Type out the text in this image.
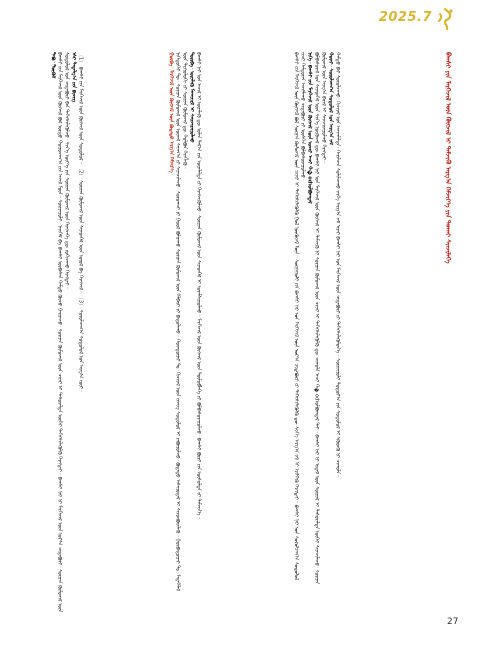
2025.7
ᠪᠠᠭᠰᠢ ᠶᠢᠨ ᠮᠡᠷᠭᠡᠵᠢᠯ ᠦᠨ ᠬᠥᠭᠵᠢᠯ ᠢ ᠳᠡᠮᠵᠢᠬᠦ ᠠᠷᠭ᠎ᠠ ᠬᠡᠮᠵᠢᠶ᠎ᠡ ᠶᠢᠨ ᠲᠤᠬᠠᠢ ᠰᠢᠨᠵᠢᠯᠡᠭᠡ

ᠪᠠᠭᠰᠢ ᠶᠢᠨ ᠮᠡᠷᠭᠡᠵᠢᠯ ᠦᠨ ᠬᠥᠭᠵᠢᠯ ᠪᠣᠯ ᠰᠤᠷᠭᠠᠨ ᠬᠦᠮᠦᠵᠢᠯ ᠦᠨ ᠴᠢᠨᠠᠷ ᠢ ᠳᠡᠭᠡᠭᠰᠢᠯᠡᠭᠦᠯᠬᠦ ᠭᠣᠯ ᠨᠥᠬᠥᠴᠡᠯ ᠮᠥᠨ᠃ ᠰᠤᠷᠭᠠᠭᠤᠯᠢ ᠶᠢᠨ ᠪᠠᠭᠰᠢ ᠨᠠᠷ ᠤᠨ ᠮᠡᠷᠭᠡᠵᠢᠯ ᠦᠨ ᠤᠷ᠎ᠠ ᠴᠢᠳᠠᠪᠤᠷᠢ ᠶᠢ ᠳᠡᠭᠡᠭᠰᠢᠯᠡᠭᠦᠯᠬᠦ ᠳᠦ ᠰᠢᠨ᠎ᠡ ᠠᠷᠭ᠎ᠠ ᠵᠠᠮ ᠢ ᠡᠷᠢᠯᠬᠡᠬᠦ ᠬᠡᠷᠡᠭᠲᠡᠢ᠃ ᠪᠠᠭᠰᠢ ᠨᠠᠷ ᠤᠨ ᠰᠤᠷᠤᠯᠴᠠᠭ᠎ᠠ ᠰᠤᠳᠤᠯᠤᠯ ᠵᠢᠴᠢ ᠬᠠᠮᠲᠤᠷᠠᠨ ᠠᠵᠢᠯᠯᠠᠬᠤ ᠴᠢᠳᠠᠪᠤᠷᠢ ᠶᠢ ᠥᠰᠬᠡᠨ ᠪᠣᠯᠪᠠᠰᠤᠷᠠᠭᠤᠯᠬᠤ᠃
ᠨᠢᠭᠡ᠂ ᠪᠠᠭᠰᠢ ᠶᠢᠨ ᠮᠡᠷᠭᠡᠵᠢᠯ ᠦᠨ ᠬᠥᠭᠵᠢᠯ ᠦᠨ ᠤᠴᠢᠷ ᠠᠴᠢ ᠬ�odᠣᠯᠪᠣᠭᠳᠠᠯ
ᠪᠣᠯᠪᠠᠰᠤᠷᠠᠯ ᠤᠨ ᠰᠢᠨᠡᠳᠭᠡᠯ ᠦᠨ ᠰᠢᠨ᠎ᠡ ᠨᠥᠬᠥᠴᠡᠯ ᠳᠦ ᠪᠠᠭᠰᠢ ᠨᠠᠷ ᠤᠨ ᠮᠡᠷᠭᠡᠵᠢᠯ ᠦᠨ ᠬᠥᠭᠵᠢᠯ ᠢ ᠳᠡᠮᠵᠢᠬᠦ ᠨᠢ ᠰᠤᠷᠭᠠᠨ ᠬᠦᠮᠦᠵᠢᠯ ᠦᠨ ᠴᠢᠨᠠᠷ ᠢ ᠳᠡᠭᠡᠭᠰᠢᠯᠡᠭᠦᠯᠬᠦ ᠳᠦ ᠴᠢᠬᠤᠯᠠ ᠠᠴᠢ ᠬ�odᠣᠯᠪᠣᠭᠳᠠᠯ ᠲᠠᠢ᠃ ᠪᠠᠭᠰᠢ ᠨᠠᠷ ᠨᠢ ᠡᠷᠳᠡᠮ ᠦᠨ ᠰᠤᠷᠭᠠᠯ ᠢ ᠲᠠᠰᠤᠷᠠᠯᠲᠠ ᠦᠭᠡᠢ ᠰᠢᠨᠡᠴᠢᠯᠡᠵᠦ᠂ ᠰᠤᠷᠭᠠᠨ ᠬᠦᠮᠦᠵᠢᠯ ᠦᠨ ᠠᠷᠭ᠎ᠠ ᠪᠠᠷᠢᠯ ᠢ ᠰᠠᠢᠵᠢᠷᠠᠭᠤᠯᠬᠤ ᠬᠡᠷᠡᠭᠲᠡᠢ᠃
ᠬᠣᠶᠠᠷ᠂ ᠰᠤᠷᠤᠯᠴᠠᠭ᠎ᠠ ᠰᠤᠳᠤᠯᠤᠯ ᠤᠨ ᠠᠷᠭ᠎ᠠ ᠵᠠᠮ
ᠬᠠᠮᠲᠤ ᠪᠡᠷ ᠰᠤᠷᠤᠯᠴᠠᠬᠤ᠂ ᠬᠢᠴᠢᠶᠡᠯ ᠤᠨ ᠠᠵᠢᠭᠯᠠᠯᠲᠠ᠂ ᠬᠠᠷᠢᠯᠴᠠᠨ ᠰᠤᠯᠢᠯᠴᠠᠬᠤ ᠵᠡᠷᠭᠡ ᠠᠷᠭ᠎ᠠ ᠵᠠᠮ ᠢᠶᠠᠷ ᠪᠠᠭᠰᠢ ᠨᠠᠷ ᠤᠨ ᠮᠡᠷᠭᠡᠵᠢᠯ ᠦᠨ ᠴᠢᠳᠠᠪᠤᠷᠢ ᠶᠢ ᠳᠡᠭᠡᠭᠰᠢᠯᠡᠭᠦᠯᠦᠨ᠎ᠡ᠃ ᠰᠤᠷᠭᠠᠭᠤᠯᠢ ᠳᠤᠲᠤᠷ᠎ᠠ ᠶᠢᠨ ᠰᠤᠳᠤᠯᠤᠯ ᠢ ᠡᠭᠦᠳᠬᠦ ᠨᠢ ᠴᠢᠬᠤᠯᠠ᠃

ᠭᠤᠷᠪᠠ᠂ ᠮᠡᠷᠭᠡᠵᠢᠯ ᠦᠨ ᠬᠥᠭᠵᠢᠯ ᠦᠨ ᠪᠣᠳᠠᠲᠤ ᠠᠷᠭ᠎ᠠ ᠬᠡᠮᠵᠢᠶ᠎ᠡ
ᠨᠢᠭᠡᠳᠦᠭᠡᠷ ᠲᠦ᠂ ᠰᠤᠷᠭᠠᠨ ᠬᠦᠮᠦᠵᠢᠯ ᠦᠨ ᠦᠵᠡᠯ ᠰᠠᠨᠠᠭ᠎ᠠ ᠶᠢ ᠰᠢᠨᠡᠴᠢᠯᠡᠵᠦ᠂ ᠰᠤᠷᠤᠭᠴᠢ ᠶᠢ ᠭᠣᠣᠯ ᠪᠣᠯᠭᠠᠬᠤ ᠰᠤᠷᠭᠠᠨ ᠬᠦᠮᠦᠵᠢᠯ ᠦᠨ ᠬᠡᠯᠪᠡᠷᠢ ᠶᠢ ᠪᠠᠲᠤᠯᠠᠬᠤ᠃ ᠬᠣᠶᠠᠳᠤᠭᠠᠷ ᠲᠤ᠂ ᠬᠢᠴᠢᠶᠡᠯ ᠦᠨ ᠵᠢᠵᠢᠭ ᠰᠤᠳᠤᠯᠤᠯ ᠢ ᠶᠠᠪᠤᠭᠤᠯᠵᠤ᠂ ᠪᠣᠳᠠᠲᠤ ᠠᠰᠠᠭᠤᠳᠠᠯ ᠢ ᠰᠢᠢᠳᠪᠦᠷᠢᠯᠡᠬᠦ᠃ ᠭᠤᠷᠪᠠᠳᠤᠭᠠᠷ ᠲᠤ᠂ ᠮᠡᠳᠡᠭᠡᠯᠡᠯ ᠦᠨ ᠲᠸᠬᠨᠣᠯᠣᠭᠢ ᠶᠢ ᠰᠤᠷᠭᠠᠨ ᠬᠦᠮᠦᠵᠢᠯ ᠳᠦ ᠬᠣᠯᠪᠣᠨ ᠬᠡᠷᠡᠭᠯᠡᠬᠦ᠃
ᠳᠥᠷᠪᠡ᠂ ᠦᠨᠡᠯᠡᠬᠦ ᠮᠡᠬᠠᠨᠢᠽᠮ ᠢ ᠰᠠᠢᠵᠢᠷᠠᠭᠤᠯᠬᠤ
ᠪᠠᠭᠰᠢ ᠨᠠᠷ ᠤᠨ ᠠᠵᠢᠯ ᠢ ᠦᠨᠡᠯᠡᠬᠦ ᠳᠦ ᠣᠯᠠᠨ ᠲᠠᠯ᠎ᠠ ᠶᠢᠨ ᠦᠨᠡᠯᠡᠯᠲᠡ ᠶᠢ ᠬᠡᠷᠡᠭᠵᠢᠭᠦᠯᠵᠦ᠂ ᠰᠤᠷᠭᠠᠨ ᠬᠦᠮᠦᠵᠢᠯ ᠦᠨ ᠰᠢᠨᠡᠳᠭᠡᠯ ᠢ ᠤᠷᠠᠮᠱᠢᠭᠤᠯᠬᠤ᠃ ᠮᠡᠷᠭᠡᠵᠢᠯ ᠦᠨ ᠬᠥᠭᠵᠢᠯ ᠦᠨ ᠲᠥᠯᠥᠪᠯᠡᠭᠡ ᠶᠢ ᠪᠣᠯᠪᠠᠰᠤᠷᠠᠭᠤᠯᠵᠤ᠂ ᠪᠠᠭᠰᠢ ᠪᠦᠷᠢ ᠶᠢᠨ ᠥᠰᠦᠯᠲᠡ ᠶᠢ ᠳᠡᠮᠵᠢᠨ᠎ᠡ᠃

ᠲᠠᠪᠤ᠂ ᠳᠦᠭᠦᠮ
ᠪᠠᠭᠰᠢ ᠶᠢᠨ ᠮᠡᠷᠭᠡᠵᠢᠯ ᠦᠨ ᠬᠥᠭᠵᠢᠯ ᠪᠣᠯ ᠤᠷᠲᠤ ᠬᠤᠭᠤᠴᠠᠭ᠎ᠠ ᠶᠢᠨ ᠠᠵᠢᠯ ᠮᠥᠨ᠃ ᠰᠤᠷᠭᠠᠭᠤᠯᠢ᠂ ᠨᠡᠢᠭᠡᠮ ᠪᠠ ᠪᠠᠭᠰᠢ ᠥᠪᠡᠰᠡᠨ ᠬᠠᠮᠲᠤ ᠬᠦᠴᠦ ᠭᠠᠷᠭᠠᠵᠤ᠂ ᠰᠤᠷᠭᠠᠨ ᠬᠦᠮᠦᠵᠢᠯ ᠦᠨ ᠴᠢᠨᠠᠷ ᠢ ᠲᠠᠰᠤᠷᠠᠯᠲᠠ ᠦᠭᠡᠢ ᠳᠡᠭᠡᠭᠰᠢᠯᠡᠭᠦᠯᠬᠦ ᠬᠡᠷᠡᠭᠲᠡᠢ᠃ ᠪᠠᠭᠰᠢ ᠨᠠᠷ ᠨᠢ ᠮᠡᠷᠭᠡᠵᠢᠯ ᠦᠨ ᠤᠷ᠎ᠠ ᠴᠢᠳᠠᠪᠤᠷᠢ᠂ ᠰᠤᠷᠭᠠᠨ ᠬᠦᠮᠦᠵᠢᠯ ᠦᠨ ᠰᠤᠳᠤᠯᠤᠯ ᠤᠨ ᠴᠢᠳᠠᠪᠤᠷᠢ ᠪᠠᠨ ᠳᠡᠭᠡᠭᠰᠢᠯᠡᠭᠦᠯᠵᠦ᠂ ᠰᠢᠨ᠎ᠡ ᠦᠶ᠎ᠡ ᠶᠢᠨ ᠰᠤᠷᠭᠠᠨ ᠬᠦᠮᠦᠵᠢᠯ ᠦᠨ ᠬᠡᠷᠡᠭᠴᠡᠭᠡ ᠳᠦ ᠵᠣᠬᠢᠴᠠᠬᠤ ᠬᠡᠷᠡᠭᠲᠡᠢ᠃
ᠡᠰᠢ ᠲᠠᠲᠠᠯᠭ᠎ᠠ ᠶᠢᠨ ᠪᠢᠴᠢᠭ
〔1〕 ᠪᠠᠭᠰᠢ ᠶᠢᠨ ᠮᠡᠷᠭᠡᠵᠢᠯ ᠦᠨ ᠬᠥᠭᠵᠢᠯ ᠦᠨ ᠰᠤᠳᠤᠯᠤᠯ᠃ 〔2〕 ᠰᠤᠷᠭᠠᠨ ᠬᠦᠮᠦᠵᠢᠯ ᠦᠨ ᠰᠢᠨᠡᠳᠭᠡᠯ ᠦᠨ ᠣᠨᠣᠯ ᠪᠠ ᠬᠡᠷᠡᠭᠵᠢᠯ᠃ 〔3〕 ᠰᠤᠷᠤᠯᠴᠠᠭ᠎ᠠ ᠰᠤᠳᠤᠯᠤᠯ ᠤᠨ ᠠᠷᠭ᠎ᠠ ᠵᠦᠢ᠃

27
